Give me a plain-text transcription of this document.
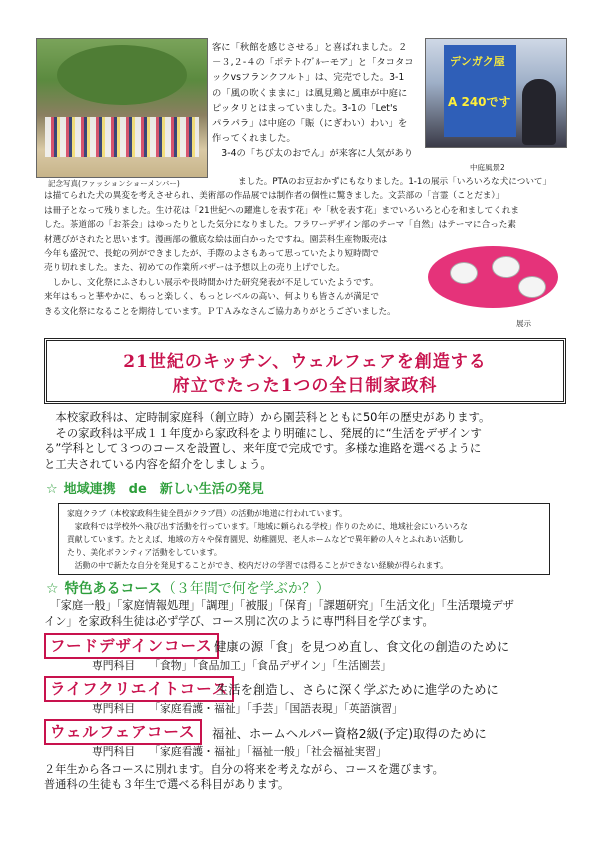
記念写真(ファッションショーメンバー)
デンガク屋
A 240です
中庭風景2

客に「秋館を感じさせる」と喜ばれました。２

－３,２-４の「ポテトｲﾌﾞﾙーモア」と「タコタコ

ックvsフランクフルト」は、完売でした。3-1

の「風の吹くままに」は風見鶏と風車が中庭に

ピッタリとはまっていました。3-1の「Let's

パラパラ」は中庭の「賑（にぎわい）わい」を

作ってくれました。

　3-4の「ちび太のおでん」が来客に人気があり

ました。PTAのお豆おかずにもなりました。1-1の展示「いろいろな犬について」

は描てられた犬の異変を考えさせられ、美術部の作品展では制作者の個性に驚きました。文芸部の「言霊（ことだま）」

は冊子となって残りました。生け花は「21世紀への躍進しを表す花」や「秋を表す花」までいろいろと心を和ましてくれま

した。茶道部の「お茶会」はゆったりとした気分になりました。フラワーデザイン部のテーマ「自然」はテーマに合った素

材選びがされたと思います。漫画部の徹底な絵は面白かったですね。園芸科生産物販売は

展示

今年も盛況で、長蛇の列ができましたが、手際のよさもあって思っていたより短時間で

売り切れました。また、初めての作業所バザーは予想以上の売り上げでした。

　しかし、文化祭にふさわしい展示や長時間かけた研究発表が不足していたようです。

来年はもっと華やかに、もっと楽しく、もっとレベルの高い、何よりも皆さんが満足で

きる文化祭になることを期待しています。ＰＴＡみなさんご協力ありがとうございました。

21世紀のキッチン、ウェルフェアを創造する
府立でたった1つの全日制家政科

　本校家政科は、定時制家庭科（創立時）から園芸科とともに50年の歴史があります。

　その家政科は平成１１年度から家政科をより明確にし、発展的に“生活をデザインす

る”学科として３つのコースを設置し、来年度で完成です。多様な進路を選べるように

と工夫されている内容を紹介をしましょう。

☆ 地域連携　de　新しい生活の発見

家庭クラブ（本校家政科生徒全員がクラブ員）の活動が地道に行われています。

　家政科では学校外へ飛び出す活動を行っています。「地域に頼られる学校」作りのために、地域社会にいろいろな

貢献しています。たとえば、地域の方々や保育園児、幼稚園児、老人ホームなどで異年齢の人々とふれあい活動し

たり、美化ボランティア活動をしています。

　活動の中で新たな自分を発見することができ、校内だけの学習では得ることができない経験が得られます。

☆ 特色あるコース（３年間で何を学ぶか？）

　「家庭一般」「家庭情報処理」「調理」「被服」「保育」「課題研究」「生活文化」「生活環境デザ

イン」を家政科生徒は必ず学び、コース別に次のように専門科目を学びます。

フードデザインコース 健康の源「食」を見つめ直し、食文化の創造のために
専門科目 「食物」「食品加工」「食品デザイン」「生活園芸」
ライフクリエイトコース
生活を創造し、さらに深く学ぶために進学のために
専門科目 「家庭看護・福祉」「手芸」「国語表現」「英語演習」
ウェルフェアコース	福祉、ホームヘルパー資格2級(予定)取得のために
専門科目 「家庭看護・福祉」「福祉一般」「社会福祉実習」

２年生から各コースに別れます。自分の将来を考えながら、コースを選びます。

普通科の生徒も３年生で選べる科目があります。
